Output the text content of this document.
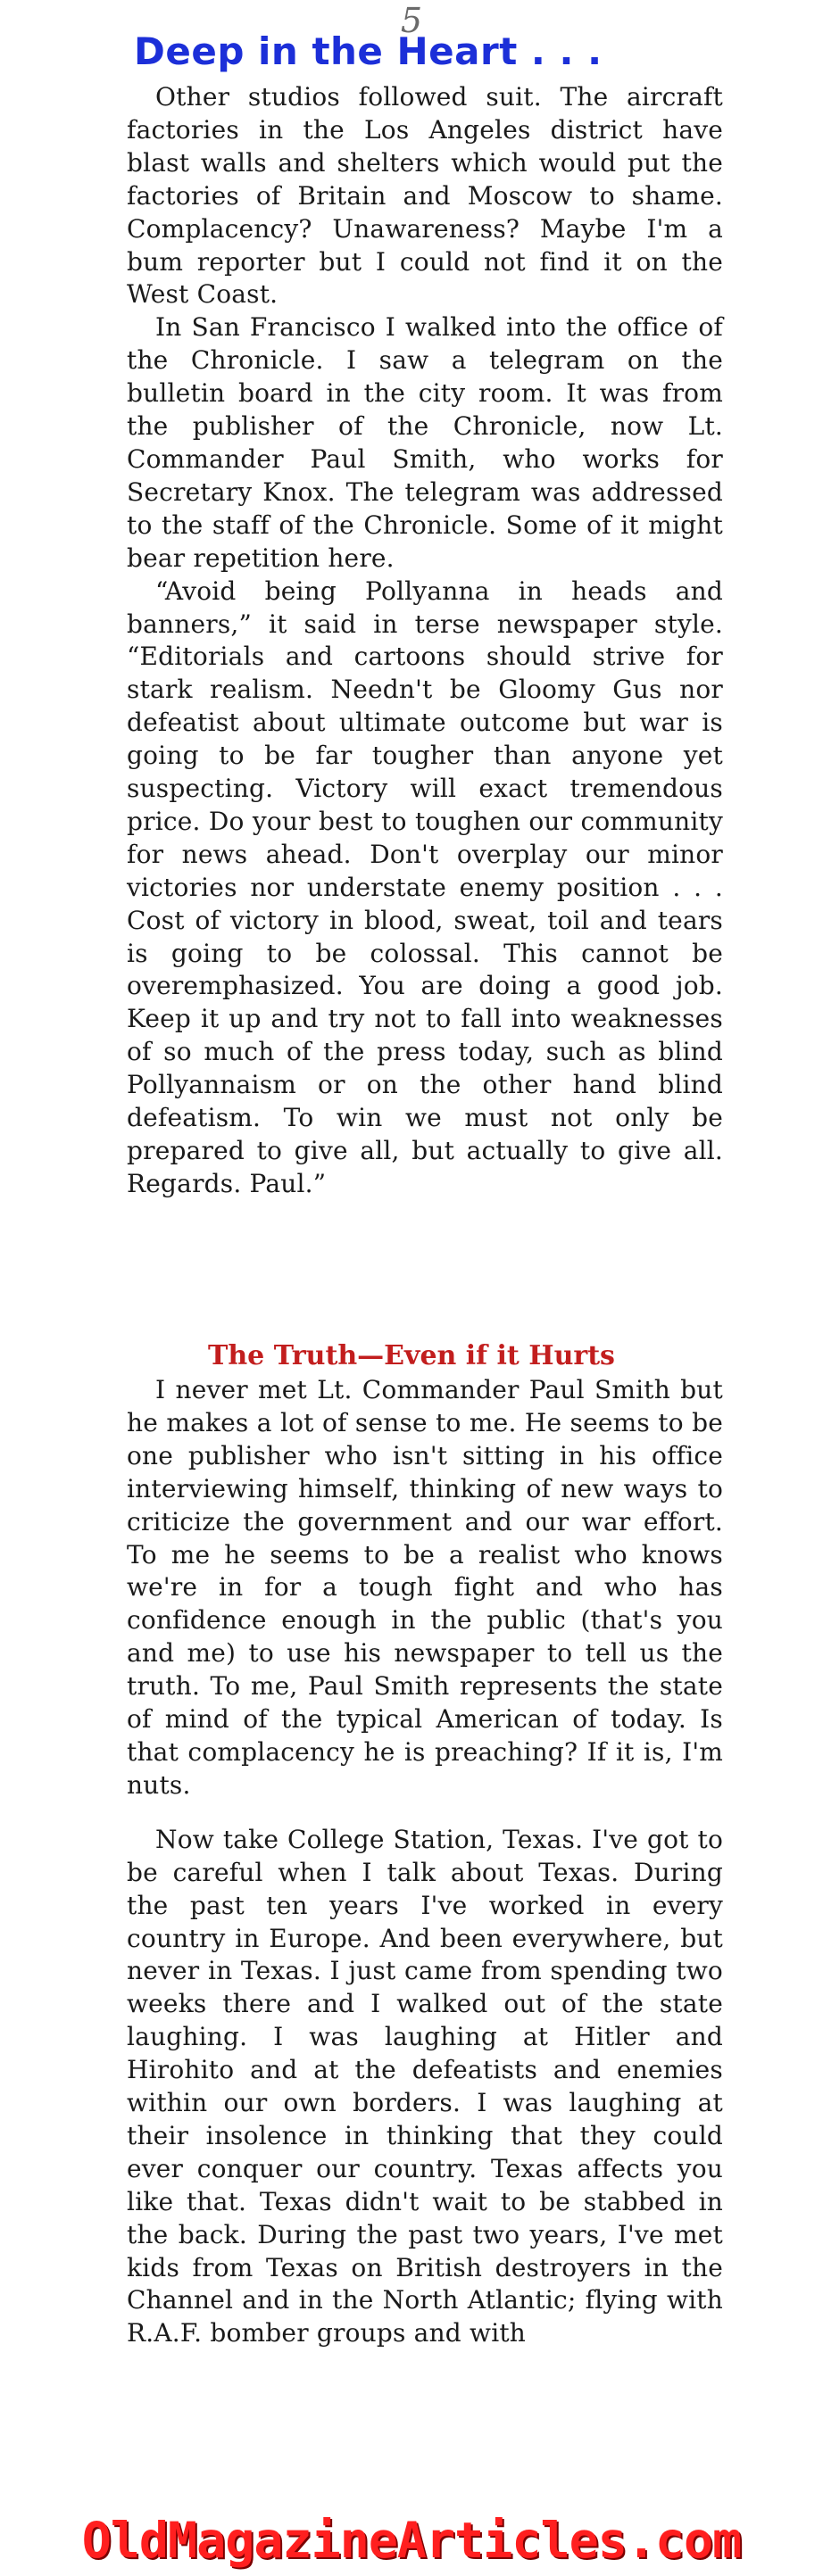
5
Deep in the Heart . . .

Other studios followed suit. The aircraft factories in the Los Angeles district have blast walls and shelters which would put the factories of Britain and Moscow to shame. Complacency? Unawareness? Maybe I'm a bum reporter but I could not find it on the West Coast.

In San Francisco I walked into the office of the Chronicle. I saw a telegram on the bulletin board in the city room. It was from the publisher of the Chronicle, now Lt. Commander Paul Smith, who works for Secretary Knox. The telegram was addressed to the staff of the Chronicle. Some of it might bear repetition here.

“Avoid being Pollyanna in heads and banners,” it said in terse newspaper style. “Editorials and cartoons should strive for stark realism. Needn't be Gloomy Gus nor defeatist about ultimate outcome but war is going to be far tougher than anyone yet suspecting. Victory will exact tremendous price. Do your best to toughen our community for news ahead. Don't overplay our minor victories nor understate enemy position . . . Cost of victory in blood, sweat, toil and tears is going to be colossal. This cannot be overemphasized. You are doing a good job. Keep it up and try not to fall into weaknesses of so much of the press today, such as blind Pollyannaism or on the other hand blind defeatism. To win we must not only be prepared to give all, but actually to give all. Regards. Paul.”

The Truth—Even if it Hurts

I never met Lt. Commander Paul Smith but he makes a lot of sense to me. He seems to be one publisher who isn't sitting in his office interviewing himself, thinking of new ways to criticize the government and our war effort. To me he seems to be a realist who knows we're in for a tough fight and who has confidence enough in the public (that's you and me) to use his newspaper to tell us the truth. To me, Paul Smith represents the state of mind of the typical American of today. Is that complacency he is preaching? If it is, I'm nuts.

Now take College Station, Texas. I've got to be careful when I talk about Texas. During the past ten years I've worked in every country in Europe. And been everywhere, but never in Texas. I just came from spending two weeks there and I walked out of the state laughing. I was laughing at Hitler and Hirohito and at the defeatists and enemies within our own borders. I was laughing at their insolence in thinking that they could ever conquer our country. Texas affects you like that. Texas didn't wait to be stabbed in the back. During the past two years, I've met kids from Texas on British destroyers in the Channel and in the North Atlantic; flying with R.A.F. bomber groups and with

OldMagazineArticles.com
